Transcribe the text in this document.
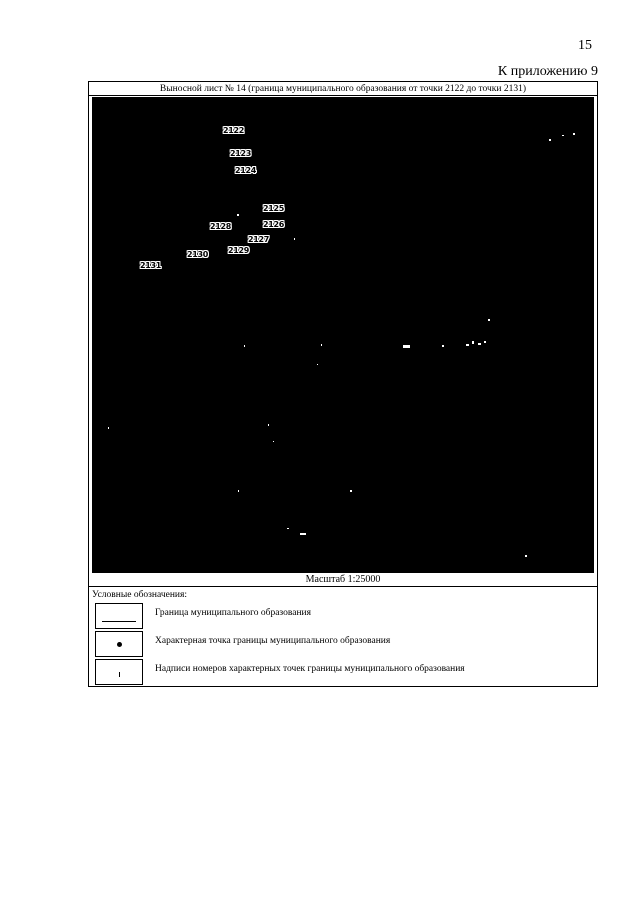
15
К приложению 9
Выносной лист № 14 (граница муниципального образования от точки 2122 до точки 2131)
2122
2123
2124
2125
2126
2127
2128
2129
2130
2131
Масштаб 1:25000
Условные обозначения:
Граница муниципального образования
Характерная точка границы муниципального образования
Надписи номеров характерных точек границы муниципального образования
